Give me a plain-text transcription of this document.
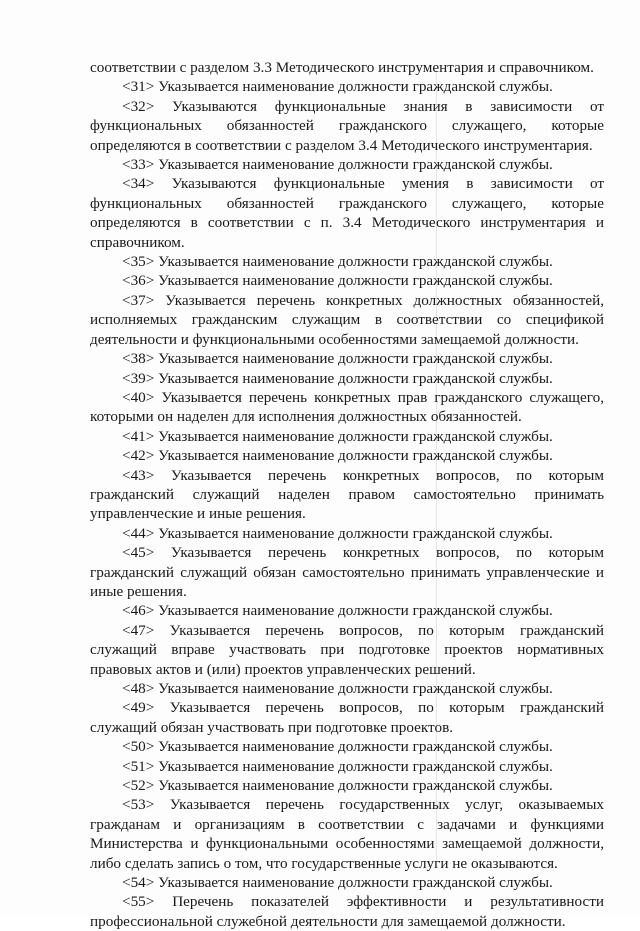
соответствии с разделом 3.3 Методического инструментария и справочником.

<31> Указывается наименование должности гражданской службы.

<32> Указываются функциональные знания в зависимости от функциональных обязанностей гражданского служащего, которые определяются в соответствии с разделом 3.4 Методического инструментария.

<33> Указывается наименование должности гражданской службы.

<34> Указываются функциональные умения в зависимости от функциональных обязанностей гражданского служащего, которые определяются в соответствии с п. 3.4 Методического инструментария и справочником.

<35> Указывается наименование должности гражданской службы.

<36> Указывается наименование должности гражданской службы.

<37> Указывается перечень конкретных должностных обязанностей, исполняемых гражданским служащим в соответствии со спецификой деятельности и функциональными особенностями замещаемой должности.

<38> Указывается наименование должности гражданской службы.

<39> Указывается наименование должности гражданской службы.

<40> Указывается перечень конкретных прав гражданского служащего, которыми он наделен для исполнения должностных обязанностей.

<41> Указывается наименование должности гражданской службы.

<42> Указывается наименование должности гражданской службы.

<43> Указывается перечень конкретных вопросов, по которым гражданский служащий наделен правом самостоятельно принимать управленческие и иные решения.

<44> Указывается наименование должности гражданской службы.

<45> Указывается перечень конкретных вопросов, по которым гражданский служащий обязан самостоятельно принимать управленческие и иные решения.

<46> Указывается наименование должности гражданской службы.

<47> Указывается перечень вопросов, по которым гражданский служащий вправе участвовать при подготовке проектов нормативных правовых актов и (или) проектов управленческих решений.

<48> Указывается наименование должности гражданской службы.

<49> Указывается перечень вопросов, по которым гражданский служащий обязан участвовать при подготовке проектов.

<50> Указывается наименование должности гражданской службы.

<51> Указывается наименование должности гражданской службы.

<52> Указывается наименование должности гражданской службы.

<53> Указывается перечень государственных услуг, оказываемых гражданам и организациям в соответствии с задачами и функциями Министерства и функциональными особенностями замещаемой должности, либо сделать запись о том, что государственные услуги не оказываются.

<54> Указывается наименование должности гражданской службы.

<55> Перечень показателей эффективности и результативности профессиональной служебной деятельности для замещаемой должности.
